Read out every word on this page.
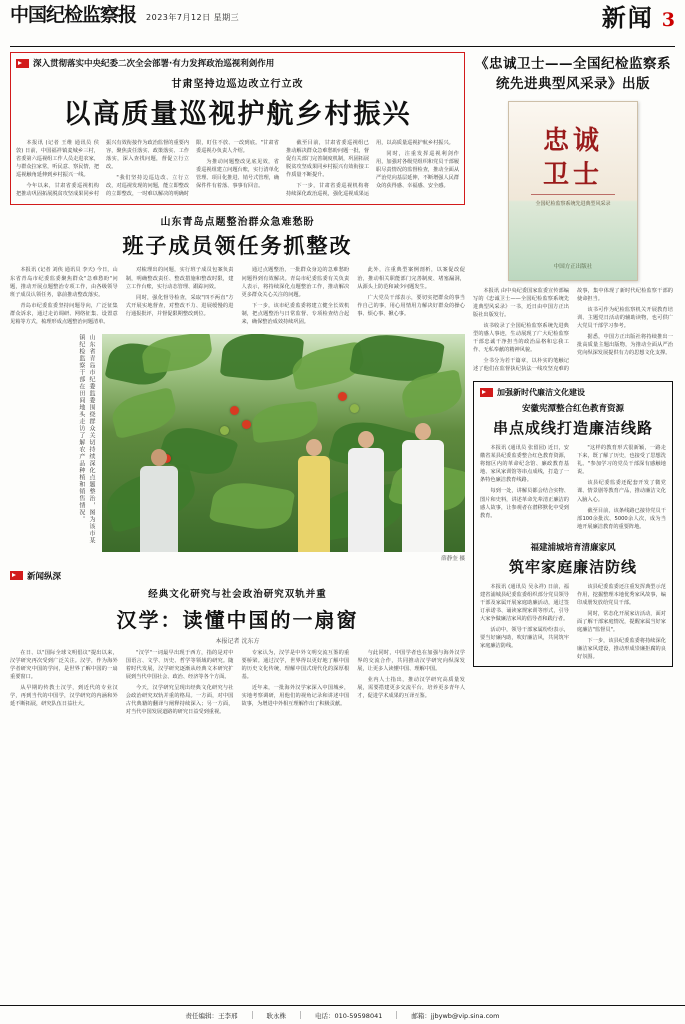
中国纪检监察报 2023年7月12日 星期三	新闻 3
深入贯彻落实中央纪委二次全会部署·有力发挥政治巡视利剑作用
甘肃坚持边巡边改立行立改
以高质量巡视护航乡村振兴

本报讯 (记者 王维 通讯员 侯 敦) 日前，中国福祥镇麦城乡三村，省委第六巡视组工作人员走进农家，与群众拉家常，听民意、察民情，把巡视触角延伸到乡村振兴一线。

今年以来，甘肃省委巡视机构把推动巩固拓展脱贫攻坚成果同乡村振兴有效衔接作为政治监督的重要内容，聚焦责任落实、政策落实、工作落实，深入查找问题，督促立行立改。

"我们坚持边巡边改、立行立改，对巡视发现的问题，能立即整改的立即整改，一时难以解决的明确时限，盯住不放、一改到底。"甘肃省委巡视办负责人介绍。

为推动问题整改见底见效，省委巡视组建立问题台账，实行清单化管理、项目化推进、销号式管理，确保件件有着落、事事有回音。

截至目前，甘肃省委巡视组已推动解决群众急难愁盼问题一批，督促有关部门完善制度机制，巩固拓展脱贫攻坚成果同乡村振兴有效衔接工作质量不断提升。

下一步，甘肃省委巡视机构将持续深化政治巡视，强化巡视成果运用，以高质量巡视护航乡村振兴。

同时，注重发挥巡视利剑作用，加强对各级党组织和党员干部履职尽责情况的监督检查，推动全面从严治党向基层延伸，不断增强人民群众的获得感、幸福感、安全感。

山东青岛点题整治群众急难愁盼
班子成员领任务抓整改

本报讯 (记者 刘侠 通讯员 李天) 今日，山东省青岛市纪委监委聚焦群众"急难愁盼"问题，推动开展点题整治专项工作，由各级领导班子成员认领任务，靠前推动整改落实。

青岛市纪委监委坚持问题导向，广泛征集群众诉求，通过走访调研、网络征集、设置意见箱等方式，梳理形成点题整治问题清单。

对梳理出的问题，实行班子成员包案负责制，明确整改责任、整改措施和整改时限，建立工作台账，实行动态管理、跟踪问效。

同时，强化督导检查，采取"四不两直"方式开展实地督查，对整改不力、进展缓慢的进行通报批评，并督促限期整改到位。

通过点题整治，一批群众身边的急难愁盼问题得到有效解决。青岛市纪委监委有关负责人表示，将持续深化点题整治工作，推动解决更多群众关心关注的问题。

下一步，该市纪委监委将建立健全长效机制，把点题整治与日常监督、专项检查结合起来，确保整治成效持续巩固。

此外，注重典型案例剖析，以案促改促治，推动相关职能部门完善制度、堵塞漏洞，从源头上防范和减少问题发生。

广大党员干部表示，要切实把群众的事当作自己的事，用心用情用力解决好群众的操心事、烦心事、揪心事。

山东省青岛市纪委监委围绕群众关切持续深化点题整治，图为该市某镇纪检监察干部在田间地头走访了解农产品种植和销售情况。
薛静奎 摄
新闻纵深
经典文化研究与社会政治研究双轨并重
汉学：读懂中国的一扇窗
本报记者 沈东方

在日、以"国际全球文明倡议"提出以来，汉学研究再次受到广泛关注。汉学，作为海外学者研究中国的学问，是世界了解中国的一扇重要窗口。

从早期的传教士汉学，到近代的专业汉学，再到当代的中国学，汉学研究的内涵和外延不断拓展，研究队伍日益壮大。

"汉学"一词最早出现于西方，指的是对中国语言、文学、历史、哲学等领域的研究。随着时代发展，汉学研究逐渐从经典文本研究扩展到当代中国社会、政治、经济等各个方面。

今天，汉学研究呈现出经典文化研究与社会政治研究双轨并重的格局。一方面，对中国古代典籍的翻译与阐释持续深入；另一方面，对当代中国发展道路的研究日益受到重视。

专家认为，汉学是中外文明交流互鉴的重要桥梁。通过汉学，世界得以更好地了解中国的历史文化传统，理解中国式现代化的深厚根基。

近年来，一批海外汉学家深入中国城乡，实地考察调研，用他们的视角记录和讲述中国故事，为增进中外相互理解作出了积极贡献。

与此同时，中国学者也在加强与海外汉学界的交流合作，共同推动汉学研究向纵深发展，让更多人读懂中国、理解中国。

业内人士指出，推动汉学研究高质量发展，需要搭建更多交流平台，培养更多青年人才，促进学术成果的互译互鉴。

《忠诚卫士——全国纪检监察系统先进典型风采录》出版
忠诚
卫士
全国纪检监察系统先进典型风采录
中国方正出版社

本报讯 由中央纪委国家监委宣传部编写的《忠诚卫士——全国纪检监察系统先进典型风采录》一书，近日由中国方正出版社出版发行。

该书收录了全国纪检监察系统先进典型的感人事迹，生动展现了广大纪检监察干部忠诚干净担当的政治品格和忘我工作、无私奉献的精神风貌。

全书分为若干篇章，以朴实的笔触记述了他们在监督执纪执法一线攻坚克难的故事，集中体现了新时代纪检监察干部的使命担当。

该书可作为纪检监察机关开展教育培训、主题党日活动的辅助读物，也可供广大党员干部学习参考。

据悉，中国方正出版社将持续推出一批高质量主题出版物，为推动全面从严治党向纵深发展提供有力的思想文化支撑。

加强新时代廉洁文化建设
安徽宪潭整合红色教育资源
串点成线打造廉洁线路

本报讯 (通讯员 张留园) 近日，安徽省某县纪委监委整合红色教育资源，将辖区内的革命纪念馆、廉政教育基地、家风家训馆等串点成线，打造了一条特色廉洁教育线路。

每到一处，讲解员都会结合实物、图片和史料，讲述革命先辈清正廉洁的感人故事，让参观者在潜移默化中受到教育。

"这样的教育形式很新颖，一路走下来，既了解了历史，也接受了思想洗礼。"参加学习的党员干部深有感触地说。

该县纪委监委还配套开发了微党课、情景剧等教育产品，推动廉洁文化入脑入心。

截至目前，该条线路已接待党员干部100余批次、5000余人次，成为当地开展廉洁教育的重要阵地。

福建浦城培育清廉家风
筑牢家庭廉洁防线

本报讯 (通讯员 吴永祥) 日前，福建省浦城县纪委监委组织部分党员领导干部及家属开展家庭助廉活动，通过签订承诺书、诵读家规家训等形式，引导大家争做廉洁家风的倡导者和践行者。

活动中，领导干部家属纷纷表示，要当好廉内助，吹好廉洁风，共同筑牢家庭廉洁防线。

该县纪委监委还注重发挥典型示范作用，挖掘整理本地优秀家风故事，编印成册发放给党员干部。

同时，常态化开展家访活动，面对面了解干部家庭情况，提醒家属当好家庭廉洁"监督员"。

下一步，该县纪委监委将持续深化廉洁家风建设，推动形成崇廉拒腐的良好氛围。

责任编辑：王李邢	耿永株	电话：010-59598041	邮箱：jjbywb@vip.sina.com
